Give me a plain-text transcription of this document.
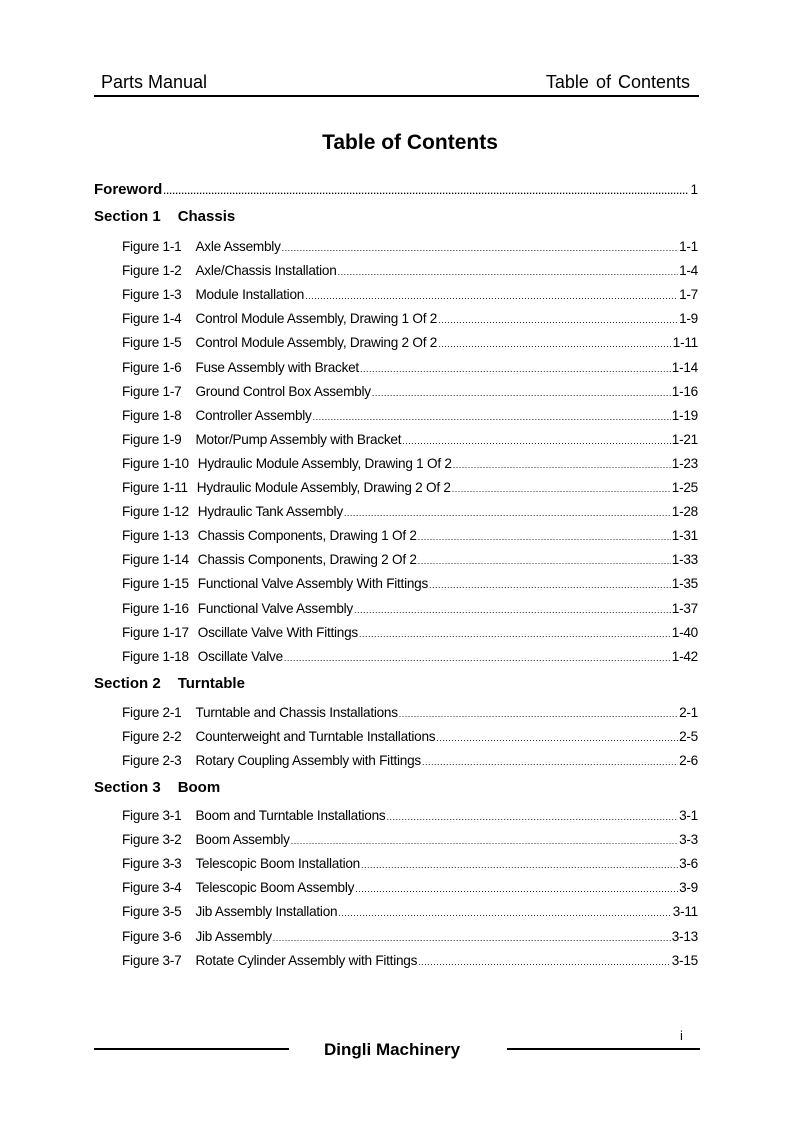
Parts Manual	Table of Contents
Table of Contents
Foreword .....	1
Section 1 Chassis
Figure 1-1 Axle Assembly .....	1-1
Figure 1-2 Axle/Chassis Installation .....	1-4
Figure 1-3 Module Installation .....	1-7
Figure 1-4 Control Module Assembly, Drawing 1 Of 2 .....	1-9
Figure 1-5 Control Module Assembly, Drawing 2 Of 2 .....	1-11
Figure 1-6 Fuse Assembly with Bracket .....	1-14
Figure 1-7 Ground Control Box Assembly .....	1-16
Figure 1-8 Controller Assembly .....	1-19
Figure 1-9 Motor/Pump Assembly with Bracket .....	1-21
Figure 1-10 Hydraulic Module Assembly, Drawing 1 Of 2 .....	1-23
Figure 1-11 Hydraulic Module Assembly, Drawing 2 Of 2 .....	1-25
Figure 1-12 Hydraulic Tank Assembly .....	1-28
Figure 1-13 Chassis Components, Drawing 1 Of 2 .....	1-31
Figure 1-14 Chassis Components, Drawing 2 Of 2 .....	1-33
Figure 1-15 Functional Valve Assembly With Fittings .....	1-35
Figure 1-16 Functional Valve Assembly .....	1-37
Figure 1-17 Oscillate Valve With Fittings .....	1-40
Figure 1-18 Oscillate Valve .....	1-42
Section 2 Turntable
Figure 2-1 Turntable and Chassis Installations .....	2-1
Figure 2-2 Counterweight and Turntable Installations .....	2-5
Figure 2-3 Rotary Coupling Assembly with Fittings .....	2-6
Section 3 Boom
Figure 3-1 Boom and Turntable Installations .....	3-1
Figure 3-2 Boom Assembly .....	3-3
Figure 3-3 Telescopic Boom Installation .....	3-6
Figure 3-4 Telescopic Boom Assembly .....	3-9
Figure 3-5 Jib Assembly Installation .....	3-11
Figure 3-6 Jib Assembly .....	3-13
Figure 3-7 Rotate Cylinder Assembly with Fittings .....	3-15
i
Dingli Machinery
